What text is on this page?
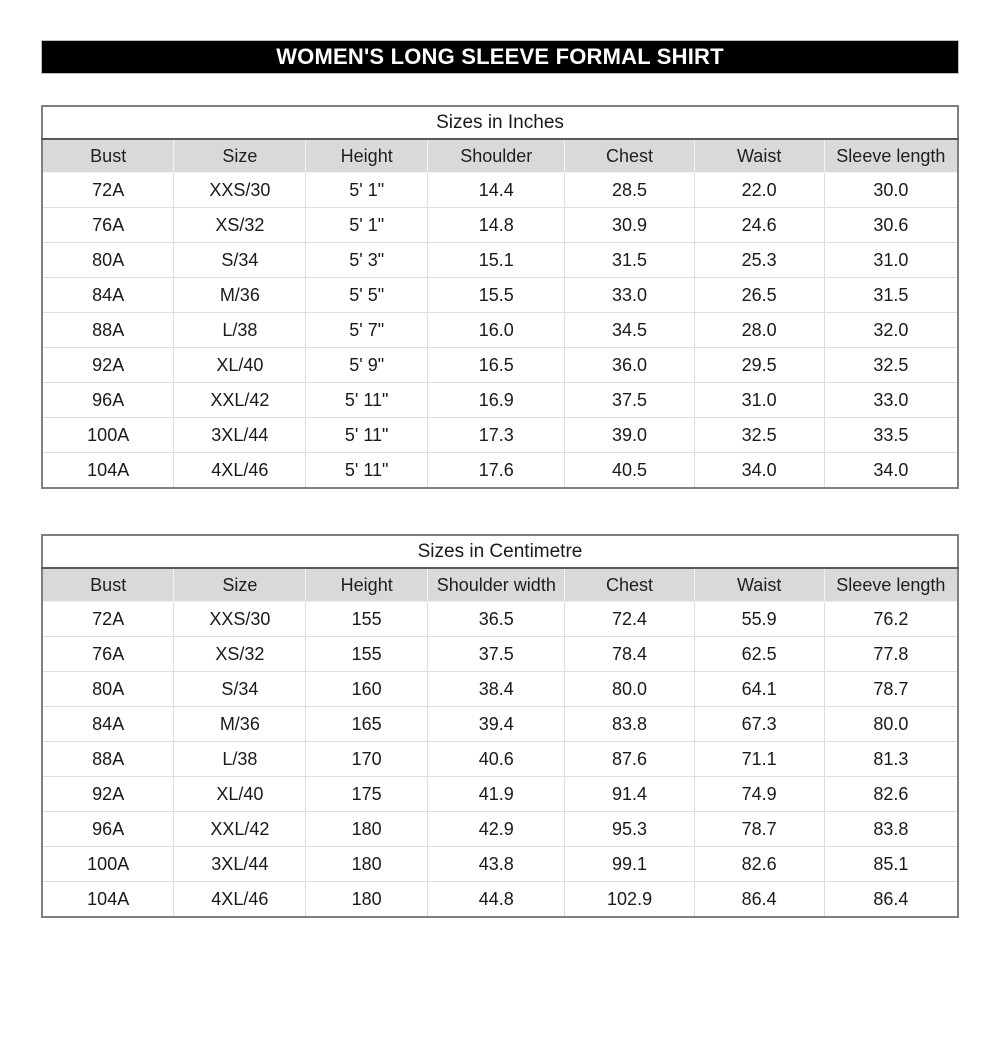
WOMEN'S LONG SLEEVE FORMAL SHIRT
Sizes in Inches						
Bust	Size	Height	Shoulder	Chest	Waist	Sleeve length
72A	XXS/30	5' 1"	14.4	28.5	22.0	30.0
76A	XS/32	5' 1"	14.8	30.9	24.6	30.6
80A	S/34	5' 3"	15.1	31.5	25.3	31.0
84A	M/36	5' 5"	15.5	33.0	26.5	31.5
88A	L/38	5' 7"	16.0	34.5	28.0	32.0
92A	XL/40	5' 9"	16.5	36.0	29.5	32.5
96A	XXL/42	5' 11"	16.9	37.5	31.0	33.0
100A	3XL/44	5' 11"	17.3	39.0	32.5	33.5
104A	4XL/46	5' 11"	17.6	40.5	34.0	34.0
Sizes in Centimetre						
Bust	Size	Height	Shoulder width	Chest	Waist	Sleeve length
72A	XXS/30	155	36.5	72.4	55.9	76.2
76A	XS/32	155	37.5	78.4	62.5	77.8
80A	S/34	160	38.4	80.0	64.1	78.7
84A	M/36	165	39.4	83.8	67.3	80.0
88A	L/38	170	40.6	87.6	71.1	81.3
92A	XL/40	175	41.9	91.4	74.9	82.6
96A	XXL/42	180	42.9	95.3	78.7	83.8
100A	3XL/44	180	43.8	99.1	82.6	85.1
104A	4XL/46	180	44.8	102.9	86.4	86.4
